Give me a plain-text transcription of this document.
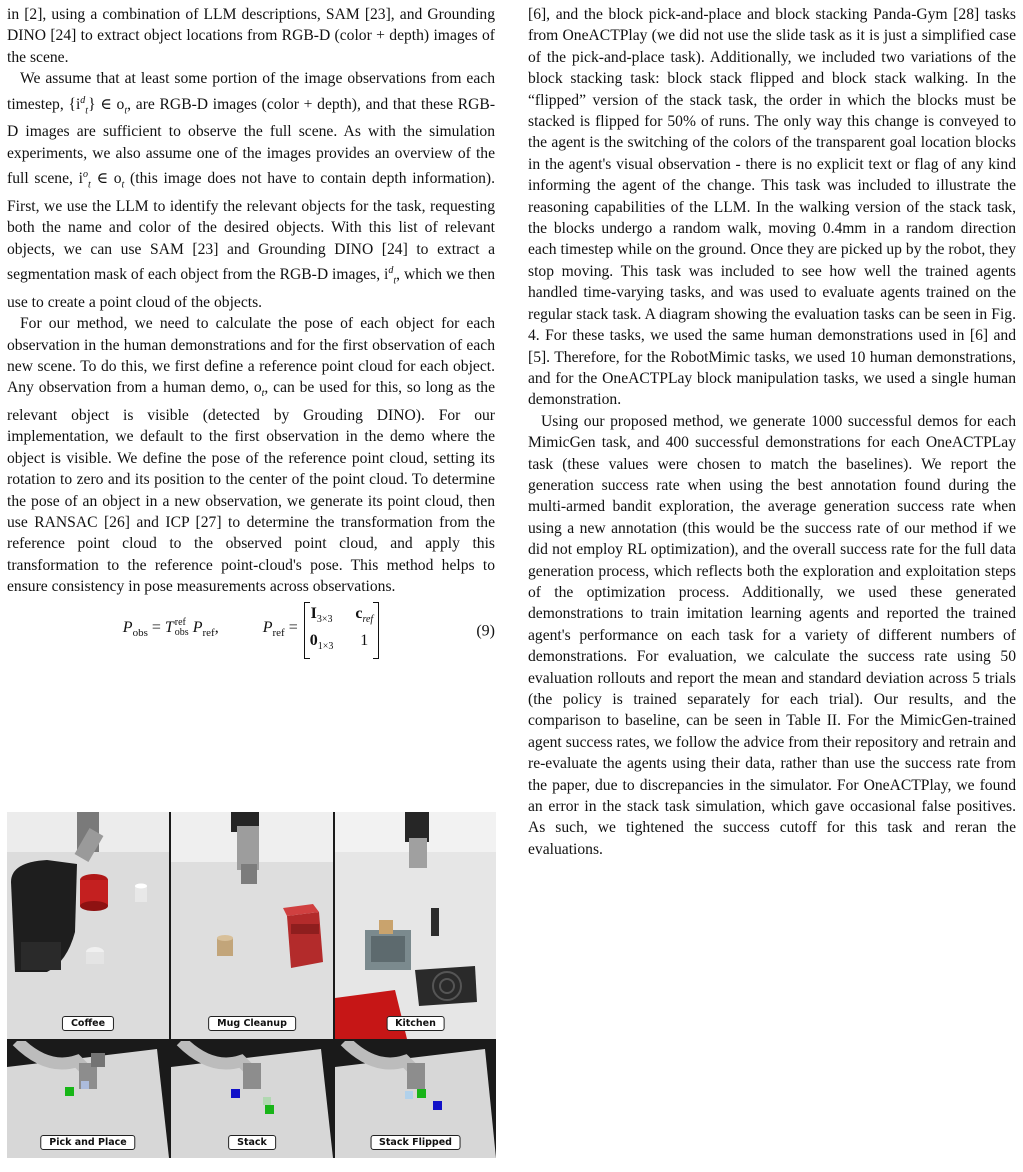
in [2], using a combination of LLM descriptions, SAM [23], and Grounding DINO [24] to extract object locations from RGB-D (color + depth) images of the scene.

We assume that at least some portion of the image observations from each timestep, $\{i^d_t\}$ ∈ $o_t$, are RGB-D images (color + depth), and that these RGB-D images are sufficient to observe the full scene. As with the simulation experiments, we also assume one of the images provides an overview of the full scene, $i^o_t$ ∈ $o_t$ (this image does not have to contain depth information). First, we use the LLM to identify the relevant objects for the task, requesting both the name and color of the desired objects. With this list of relevant objects, we can use SAM [23] and Grounding DINO [24] to extract a segmentation mask of each object from the RGB-D images, $i^d_t$, which we then use to create a point cloud of the objects.

For our method, we need to calculate the pose of each object for each observation in the human demonstrations and for the first observation of each new scene. To do this, we first define a reference point cloud for each object. Any observation from a human demo, $o_t$, can be used for this, so long as the relevant object is visible (detected by Grouding DINO). For our implementation, we default to the first observation in the demo where the object is visible. We define the pose of the reference point cloud, setting its rotation to zero and its position to the center of the point cloud. To determine the pose of an object in a new observation, we generate its point cloud, then use RANSAC [26] and ICP [27] to determine the transformation from the reference point cloud to the observed point cloud, and apply this transformation to the reference point-cloud's pose. This method helps to ensure consistency in pose measurements across observations.

$P_{obs} = T$ ref
obs $P_{ref}$,	$P_{ref}$ =
$I_{3\times 3}$ $c_{ref}$
$0_{1\times 3}$	1
(9)
Coffee	Mug Cleanup	Kitchen
Pick and Place	Stack	Stack Flipped

[6], and the block pick-and-place and block stacking Panda-Gym [28] tasks from OneACTPlay (we did not use the slide task as it is just a simplified case of the pick-and-place task). Additionally, we included two variations of the block stacking task: block stack flipped and block stack walking. In the “flipped” version of the stack task, the order in which the blocks must be stacked is flipped for 50% of runs. The only way this change is conveyed to the agent is the switching of the colors of the transparent goal location blocks in the agent's visual observation - there is no explicit text or flag of any kind informing the agent of the change. This task was included to illustrate the reasoning capabilities of the LLM. In the walking version of the stack task, the blocks undergo a random walk, moving 0.4mm in a random direction each timestep while on the ground. Once they are picked up by the robot, they stop moving. This task was included to see how well the trained agents handled time-varying tasks, and was used to evaluate agents trained on the regular stack task. A diagram showing the evaluation tasks can be seen in Fig. 4. For these tasks, we used the same human demonstrations used in [6] and [5]. Therefore, for the RobotMimic tasks, we used 10 human demonstrations, and for the OneACTPLay block manipulation tasks, we used a single human demonstration.

Using our proposed method, we generate 1000 successful demos for each MimicGen task, and 400 successful demonstrations for each OneACTPLay task (these values were chosen to match the baselines). We report the generation success rate when using the best annotation found during the multi-armed bandit exploration, the average generation success rate when using a new annotation (this would be the success rate of our method if we did not employ RL optimization), and the overall success rate for the full data generation process, which reflects both the exploration and exploitation steps of the optimization process. Additionally, we used these generated demonstrations to train imitation learning agents and reported the trained agent's performance on each task for a variety of different numbers of demonstrations. For evaluation, we calculate the success rate using 50 evaluation rollouts and report the mean and standard deviation across 5 trials (the policy is trained separately for each trial). Our results, and the comparison to baseline, can be seen in Table II. For the MimicGen-trained agent success rates, we follow the advice from their repository and retrain and re-evaluate the agents using their data, rather than use the success rate from the paper, due to discrepancies in the simulator. For OneACTPlay, we found an error in the stack task simulation, which gave occasional false positives. As such, we tightened the success cutoff for this task and reran the evaluations.
